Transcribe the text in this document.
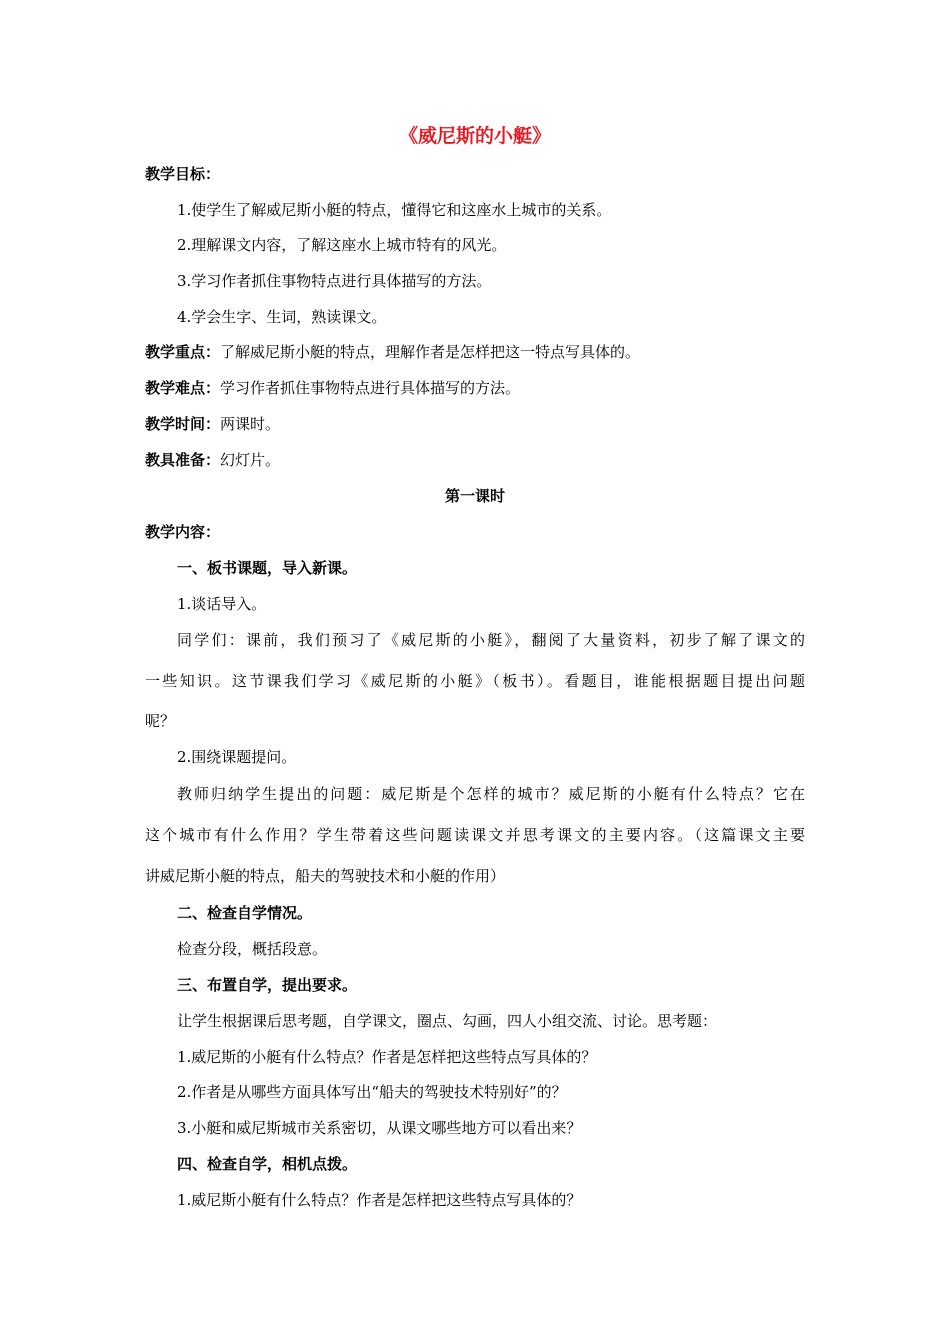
《威尼斯的小艇》
教学目标：
1.使学生了解威尼斯小艇的特点，懂得它和这座水上城市的关系。
2.理解课文内容，了解这座水上城市特有的风光。
3.学习作者抓住事物特点进行具体描写的方法。
4.学会生字、生词，熟读课文。
教学重点：了解威尼斯小艇的特点，理解作者是怎样把这一特点写具体的。
教学难点：学习作者抓住事物特点进行具体描写的方法。
教学时间：两课时。
教具准备：幻灯片。
第一课时
教学内容：
一、板书课题，导入新课。
1.谈话导入。
同学们：课前，我们预习了《威尼斯的小艇》，翻阅了大量资料，初步了解了课文的
一些知识。这节课我们学习《威尼斯的小艇》（板书）。看题目，谁能根据题目提出问题
呢？
2.围绕课题提问。
教师归纳学生提出的问题：威尼斯是个怎样的城市？威尼斯的小艇有什么特点？它在
这个城市有什么作用？学生带着这些问题读课文并思考课文的主要内容。（这篇课文主要
讲威尼斯小艇的特点，船夫的驾驶技术和小艇的作用）
二、检查自学情况。
检查分段，概括段意。
三、布置自学，提出要求。
让学生根据课后思考题，自学课文，圈点、勾画，四人小组交流、讨论。思考题：
1.威尼斯的小艇有什么特点？作者是怎样把这些特点写具体的？
2.作者是从哪些方面具体写出“船夫的驾驶技术特别好”的？
3.小艇和威尼斯城市关系密切，从课文哪些地方可以看出来？
四、检查自学，相机点拨。
1.威尼斯小艇有什么特点？作者是怎样把这些特点写具体的？
